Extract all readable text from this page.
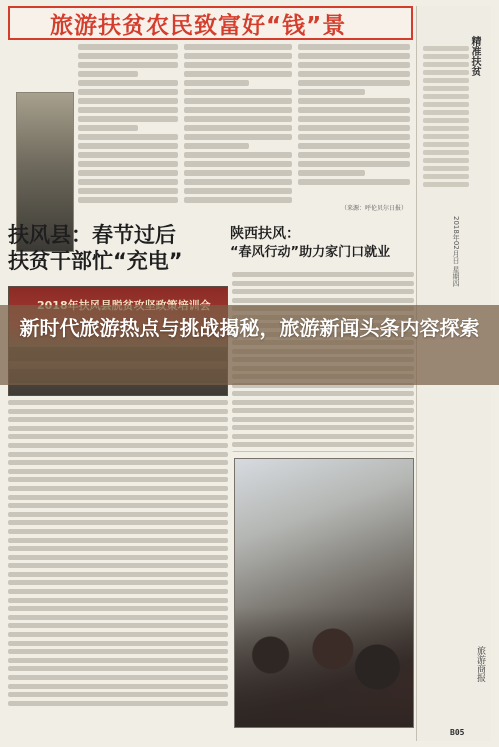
旅游扶贫农民致富好“钱”景
（来源：呼伦贝尔日报）
扶风县：春节过后
扶贫干部忙“充电”
陕西扶风：
“春风行动”助力家门口就业
精准扶贫
2018年02月日 星期四
旅游商报
B05
新时代旅游热点与挑战揭秘，旅游新闻头条内容探索
